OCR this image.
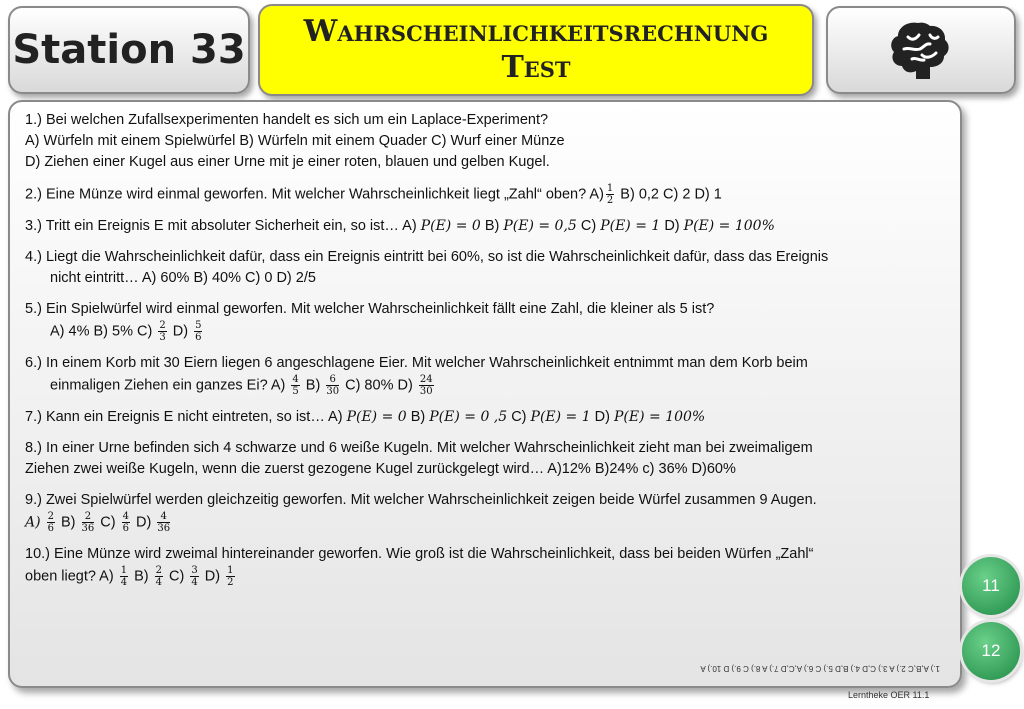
Station 33	Wahrscheinlichkeitsrechnung
Test
1.) Bei welchen Zufallsexperimenten handelt es sich um ein Laplace-Experiment?
A) Würfeln mit einem Spielwürfel B) Würfeln mit einem Quader C) Wurf einer Münze
D) Ziehen einer Kugel aus einer Urne mit je einer roten, blauen und gelben Kugel.
2.) Eine Münze wird einmal geworfen. Mit welcher Wahrscheinlichkeit liegt „Zahl“ oben? $A) \frac{1}{2} B$) 0,2 C) 2 D) 1
3.) Tritt ein Ereignis E mit absoluter Sicherheit ein, so ist… A) P(E) = 0 B) P(E) = 0,5 C) P(E) = 1 D) P(E) = 100%
4.) Liegt die Wahrscheinlichkeit dafür, dass ein Ereignis eintritt bei 60%, so ist die Wahrscheinlichkeit dafür, dass das Ereignis
nicht eintritt… A) 60% B) 40% C) 0 D) 2/5
5.) Ein Spielwürfel wird einmal geworfen. Mit welcher Wahrscheinlichkeit fällt eine Zahl, die kleiner als 5 ist?
A) 4% B) 5% $C) \frac{2}{3} D) \frac{5}{6}$
6.) In einem Korb mit 30 Eiern liegen 6 angeschlagene Eier. Mit welcher Wahrscheinlichkeit entnimmt man dem Korb beim
einmaligen Ziehen ein ganzes Ei? $A) \frac{4}{5} B) \frac{6}{30} C$) 80% $D) \frac{24}{30}$
7.) Kann ein Ereignis E nicht eintreten, so ist… A) P(E) = 0 B) P(E) = 0 ,5 C) P(E) = 1 D) P(E) = 100%
8.) In einer Urne befinden sich 4 schwarze und 6 weiße Kugeln. Mit welcher Wahrscheinlichkeit zieht man bei zweimaligem
Ziehen zwei weiße Kugeln, wenn die zuerst gezogene Kugel zurückgelegt wird… A)12% B)24% c) 36% D)60%
9.) Zwei Spielwürfel werden gleichzeitig geworfen. Mit welcher Wahrscheinlichkeit zeigen beide Würfel zusammen 9 Augen.
$A) \frac{2}{6} B) \frac{2}{36} C) \frac{4}{6} D) \frac{4}{36}$
10.) Eine Münze wird zweimal hintereinander geworfen. Wie groß ist die Wahrscheinlichkeit, dass bei beiden Würfen „Zahl“
oben liegt? $A) \frac{1}{4} B) \frac{2}{4} C) \frac{3}{4} D) \frac{1}{2}$
1.) A,B,C 2.) A 3.) C,D 4.) B,D 5.) C 6.) A,C,D 7.) A 8.) C 9.) D 10.) A
11
12
Lerntheke OER 11.1
